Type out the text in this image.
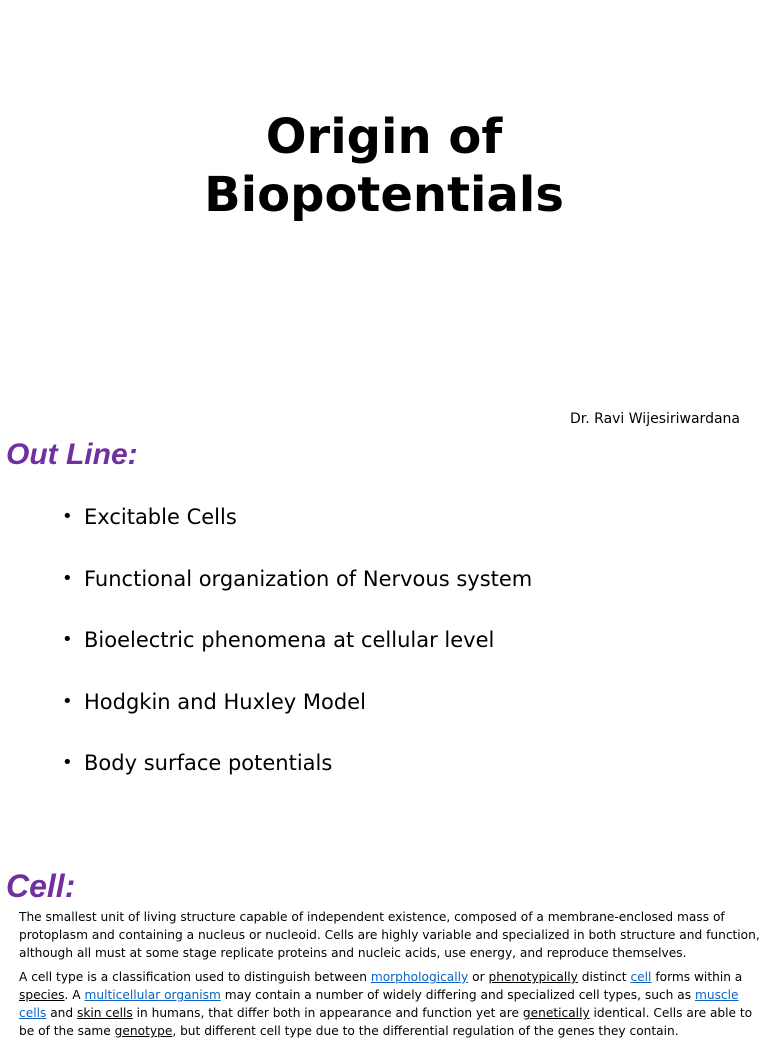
Origin of
Biopotentials

Dr. Ravi Wijesiriwardana

Out Line:
• Excitable Cells
• Functional organization of Nervous system
• Bioelectric phenomena at cellular level
• Hodgkin and Huxley Model
• Body surface potentials
Cell:

The smallest unit of living structure capable of independent existence, composed of a membrane-enclosed mass of protoplasm and containing a nucleus or nucleoid. Cells are highly variable and specialized in both structure and function, although all must at some stage replicate proteins and nucleic acids, use energy, and reproduce themselves.

A cell type is a classification used to distinguish between morphologically or phenotypically distinct cell forms within a species. A multicellular organism may contain a number of widely differing and specialized cell types, such as muscle cells and skin cells in humans, that differ both in appearance and function yet are genetically identical. Cells are able to be of the same genotype, but different cell type due to the differential regulation of the genes they contain.
